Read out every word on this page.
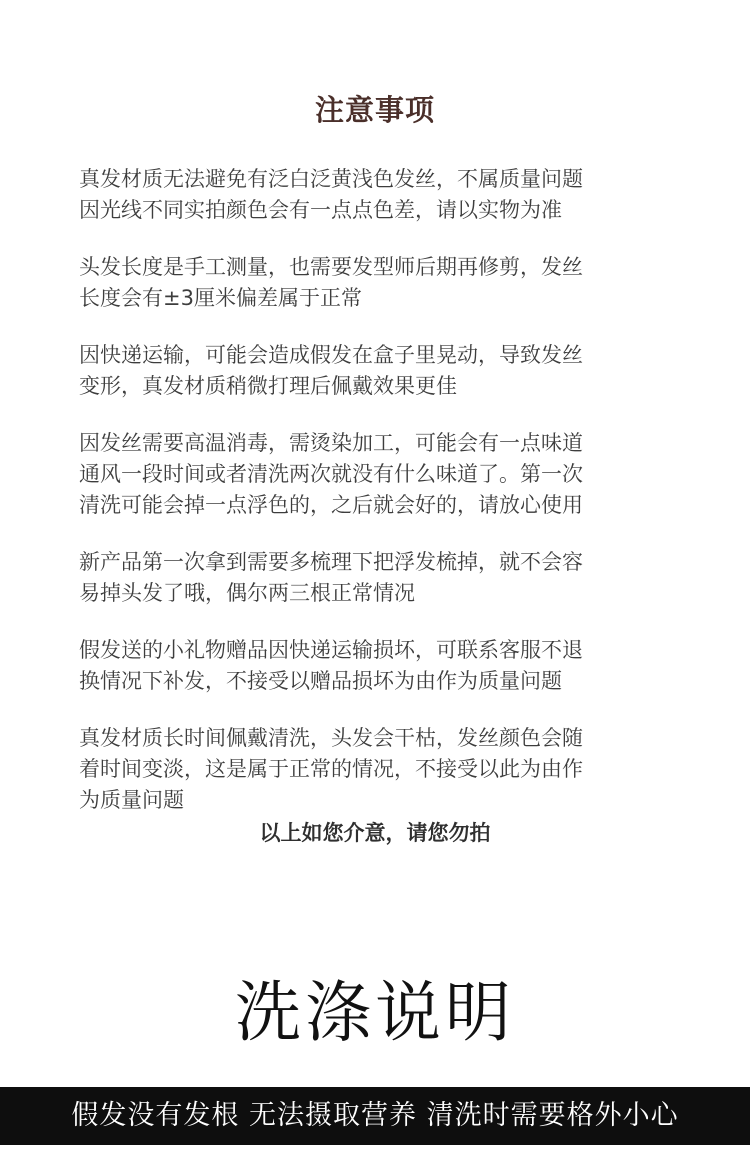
注意事项
真发材质无法避免有泛白泛黄浅色发丝，不属质量问题
因光线不同实拍颜色会有一点点色差，请以实物为准
头发长度是手工测量，也需要发型师后期再修剪，发丝
长度会有±3厘米偏差属于正常
因快递运输，可能会造成假发在盒子里晃动，导致发丝
变形，真发材质稍微打理后佩戴效果更佳
因发丝需要高温消毒，需烫染加工，可能会有一点味道
通风一段时间或者清洗两次就没有什么味道了。第一次
清洗可能会掉一点浮色的，之后就会好的，请放心使用
新产品第一次拿到需要多梳理下把浮发梳掉，就不会容
易掉头发了哦，偶尔两三根正常情况
假发送的小礼物赠品因快递运输损坏，可联系客服不退
换情况下补发，不接受以赠品损坏为由作为质量问题
真发材质长时间佩戴清洗，头发会干枯，发丝颜色会随
着时间变淡，这是属于正常的情况，不接受以此为由作
为质量问题
以上如您介意，请您勿拍
洗涤说明
假发没有发根 无法摄取营养 清洗时需要格外小心
